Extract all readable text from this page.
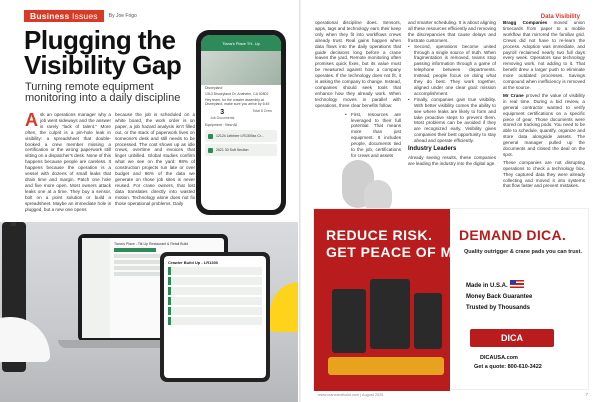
Business Issues	By Joe Frigo
Plugging the Visibility Gap
Turning remote equipment monitoring into a daily discipline
Ask an operations manager why a job went sideways and the answer is rarely "lack of talent." More often, the culprit is a pin-hole leak in visibility: a spreadsheet that double-booked a crew member missing a certification or the wrong paperwork still sitting on a dispatcher's desk. None of this happens because people are careless. It happens because the operation is a vessel with dozens of small leaks that drain time and margin. Patch one hole and five more open. Most owners attack leaks one at a time. They buy a sensor, bolt on a point solution or build a spreadsheet. Maybe an immediate hole is plugged, but a new one opens
because the job is scheduled on a white board, the work order is on paper, a job hazard analysis isn't filled out, or the stack of paperwork lives on someone's desk and still needs to be processed. The cost shows up as idle crews, overtime and invoices that linger unbilled. Global studies confirm what we see on the yard: 98% of construction projects run late or over budget and 86% of the data we generate on those job sites is never reused. For crane owners, that lost data translates directly into wasted motion. Technology alone does not fix those operational problems. Daily
Tiana's Place TH- Up
Disneyland
1313 Disneyland Dr, Anaheim, CA 92802
Hey team, for the crawler assembly at Disneyland, make sure you arrive by 6:45
3
Job Documents
Total 8 Crew
Equipment · View All
12124 Liebherr LR1300sx Cr...
2621 30 Soft Section
Tiana's Place - Tilt-Up Restaurant & Retail Build
Crawler Build Up - LR1300
Data Visibility
operational discipline does. Sensors, apps, tags and technology earn their keep only when they fit into workflows crews already trust. Real gains happen when data flows into the daily operations that guide decisions long before a crane leaves the yard. Remote monitoring often promises quick fixes, but its value must be measured against how a company operates. If the technology does not fit, it is asking the company to change. Instead, companies should seek tools that enhance how they already work. When technology moves in parallel with operations, three clear benefits follow:
• First, resources are leveraged to their full potential. That means more than just equipment. It includes people, documents tied to the job, certifications for crews and assets
and smarter scheduling. It is about aligning all these resources efficiently and removing the discrepancies that cause delays and frustrate customers.
• Second, operations become united through a single source of truth. When fragmentation is removed, teams stop passing information through a game of telephone between departments. Instead, people focus on doing what they do best. They work together, aligned under one clear goal: mission accomplishment.
• Finally, companies gain true visibility. With better visibility comes the ability to see where leaks are likely to form and take proactive steps to prevent them. Most problems can be avoided if they are recognized early. Visibility gives companies their best opportunity to stay ahead and operate efficiently.
Industry Leaders
Already seeing results, these companies are leading the industry into the digital age.
Bragg Companies moved union timecards from paper to a mobile workflow that mirrored the familiar grid. Crews did not have to re-learn the process. Adoption was immediate, and payroll reclaimed nearly two full days every week. Operators saw technology removing work, not adding to it. That benefit drew a larger push to eliminate more outdated processes. Savings compound when inefficiency is removed at the source.
Mr Crane proved the value of visibility in real time. During a bid review, a general contractor wanted to verify equipment certifications on a specific piece of gear. Those documents were stored on tracking pods. You need to be able to schedule, quantify, organize and store data alongside assets. The general manager pulled up the documents and closed the deal on the spot.
These companies are not disrupting operations to check a technology box. They captured data they were already collecting and moved it into systems that flow faster and prevent mistakes.
REDUCE RISK.
GET PEACE OF MIND.
DEMAND DICA.
Quality outrigger & crane pads you can trust.
Made in U.S.A.
Money Back Guarantee
Trusted by Thousands
DICA
DICAUSA.com
Get a quote: 800-610-3422
www.craneandhoist.com | August 2025	7
